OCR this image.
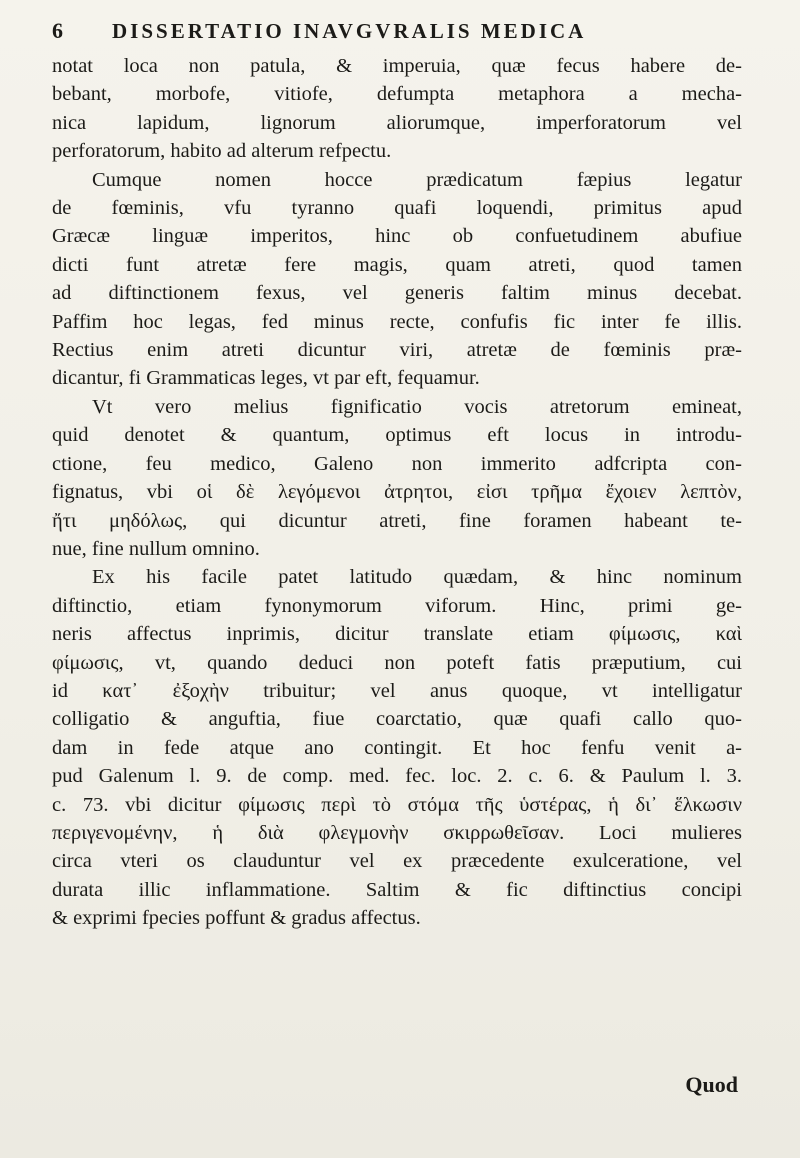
6	DISSERTATIO INAVGVRALIS MEDICA
notat loca non patula, & imperuia, quæ fecus habere de-
bebant, morbofe, vitiofe, defumpta metaphora a mecha-
nica lapidum, lignorum aliorumque, imperforatorum vel
perforatorum, habito ad alterum refpectu.
Cumque nomen hocce prædicatum fæpius legatur
de fœminis, vfu tyranno quafi loquendi, primitus apud
Græcæ linguæ imperitos, hinc ob confuetudinem abufiue
dicti funt atretæ fere magis, quam atreti, quod tamen
ad diftinctionem fexus, vel generis faltim minus decebat.
Paffim hoc legas, fed minus recte, confufis fic inter fe illis.
Rectius enim atreti dicuntur viri, atretæ de fœminis præ-
dicantur, fi Grammaticas leges, vt par eft, fequamur.
Vt vero melius fignificatio vocis atretorum emineat,
quid denotet & quantum, optimus eft locus in introdu-
ctione, feu medico, Galeno non immerito adfcripta con-
fignatus, vbi οἱ δὲ λεγόμενοι ἀτρητοι, εἰσι τρῆμα ἔχοιεν λεπτὸν,
ἤτι μηδόλως, qui dicuntur atreti, fine foramen habeant te-
nue, fine nullum omnino.
Ex his facile patet latitudo quædam, & hinc nominum
diftinctio, etiam fynonymorum viforum. Hinc, primi ge-
neris affectus inprimis, dicitur translate etiam φίμωσις, καὶ
φίμωσις, vt, quando deduci non poteft fatis præputium, cui
id κατ᾽ ἐξοχὴν tribuitur; vel anus quoque, vt intelligatur
colligatio & anguftia, fiue coarctatio, quæ quafi callo quo-
dam in fede atque ano contingit. Et hoc fenfu venit a-
pud Galenum l. 9. de comp. med. fec. loc. 2. c. 6. & Paulum l. 3.
c. 73. vbi dicitur φίμωσις περὶ τὸ στόμα τῆς ὑστέρας, ἡ δι᾽ ἕλκωσιν
περιγενομένην, ἡ διὰ φλεγμονὴν σκιρρωθεῖσαν. Loci mulieres
circa vteri os clauduntur vel ex præcedente exulceratione, vel
durata illic inflammatione. Saltim & fic diftinctius concipi
& exprimi fpecies poffunt & gradus affectus.
Quod
